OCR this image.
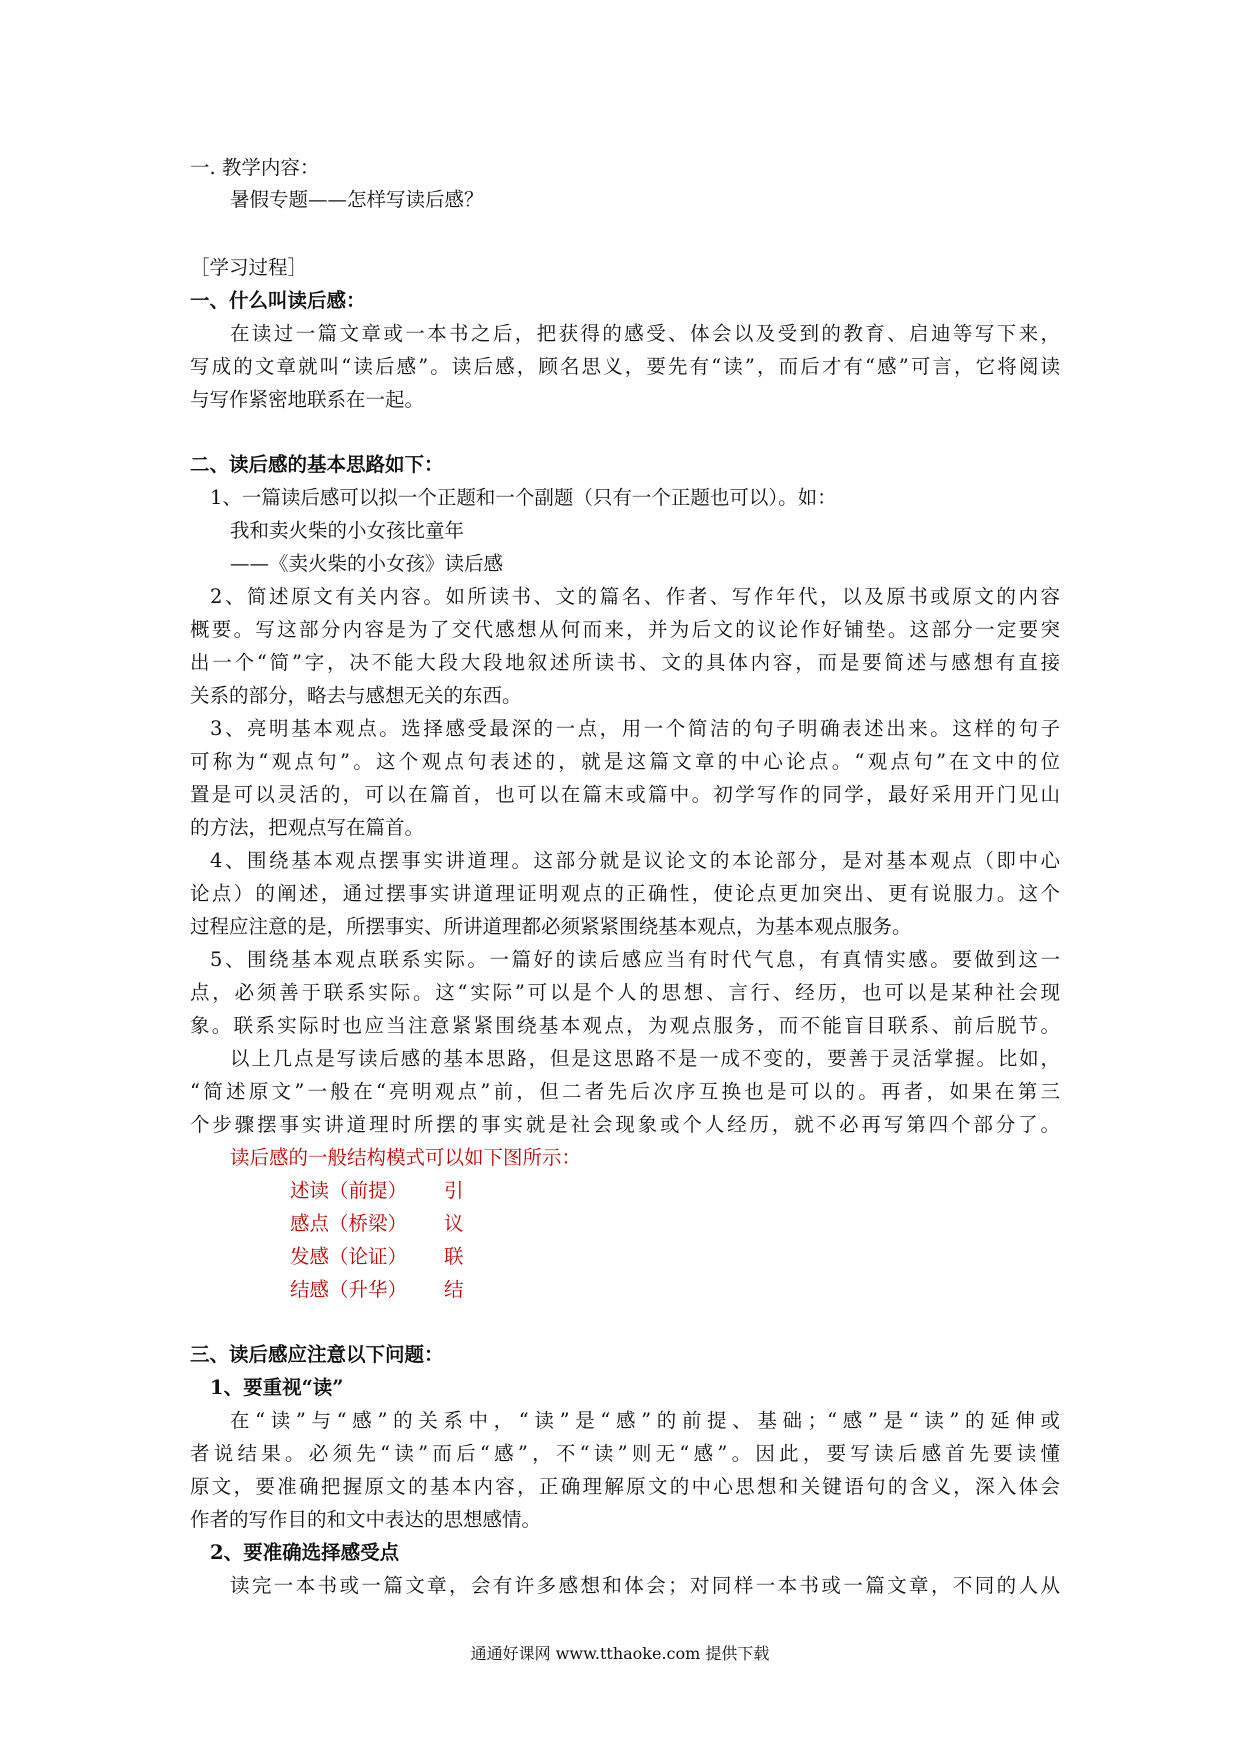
一. 教学内容：
暑假专题——怎样写读后感？
［学习过程］
一、什么叫读后感：
在读过一篇文章或一本书之后，把获得的感受、体会以及受到的教育、启迪等写下来，
写成的文章就叫“读后感”。读后感，顾名思义，要先有“读”，而后才有“感”可言，它将阅读
与写作紧密地联系在一起。
二、读后感的基本思路如下：
1、一篇读后感可以拟一个正题和一个副题（只有一个正题也可以）。如：
我和卖火柴的小女孩比童年
——《卖火柴的小女孩》读后感
2、简述原文有关内容。如所读书、文的篇名、作者、写作年代，以及原书或原文的内容
概要。写这部分内容是为了交代感想从何而来，并为后文的议论作好铺垫。这部分一定要突
出一个“简”字，决不能大段大段地叙述所读书、文的具体内容，而是要简述与感想有直接
关系的部分，略去与感想无关的东西。
3、亮明基本观点。选择感受最深的一点，用一个简洁的句子明确表述出来。这样的句子
可称为“观点句”。这个观点句表述的，就是这篇文章的中心论点。“观点句”在文中的位
置是可以灵活的，可以在篇首，也可以在篇末或篇中。初学写作的同学，最好采用开门见山
的方法，把观点写在篇首。
4、围绕基本观点摆事实讲道理。这部分就是议论文的本论部分，是对基本观点（即中心
论点）的阐述，通过摆事实讲道理证明观点的正确性，使论点更加突出、更有说服力。这个
过程应注意的是，所摆事实、所讲道理都必须紧紧围绕基本观点，为基本观点服务。
5、围绕基本观点联系实际。一篇好的读后感应当有时代气息，有真情实感。要做到这一
点，必须善于联系实际。这“实际”可以是个人的思想、言行、经历，也可以是某种社会现
象。联系实际时也应当注意紧紧围绕基本观点，为观点服务，而不能盲目联系、前后脱节。
以上几点是写读后感的基本思路，但是这思路不是一成不变的，要善于灵活掌握。比如，
“简述原文”一般在“亮明观点”前，但二者先后次序互换也是可以的。再者，如果在第三
个步骤摆事实讲道理时所摆的事实就是社会现象或个人经历，就不必再写第四个部分了。
读后感的一般结构模式可以如下图所示：
述读（前提） 引
感点（桥梁） 议
发感（论证） 联
结感（升华） 结
三、读后感应注意以下问题：
1、要重视“读”
在“读”与“感”的关系中，“读”是“感”的前提、基础；“感”是“读”的延伸或
者说结果。必须先“读”而后“感”，不“读”则无“感”。因此，要写读后感首先要读懂
原文，要准确把握原文的基本内容，正确理解原文的中心思想和关键语句的含义，深入体会
作者的写作目的和文中表达的思想感情。
2、要准确选择感受点
读完一本书或一篇文章，会有许多感想和体会；对同样一本书或一篇文章，不同的人从
通通好课网 www.tthaoke.com 提供下载
